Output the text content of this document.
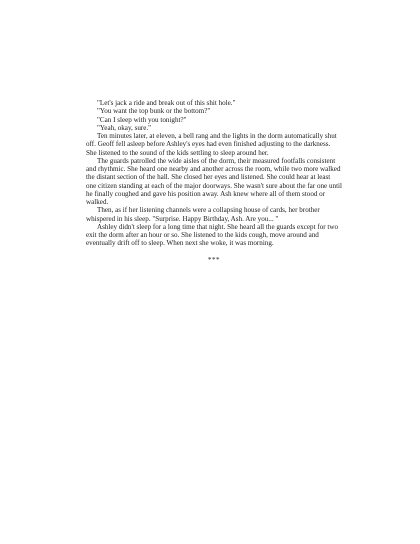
"Let's jack a ride and break out of this shit hole."

"You want the top bunk or the bottom?"

"Can I sleep with you tonight?"

"Yeah, okay, sure."

Ten minutes later, at eleven, a bell rang and the lights in the dorm automatically shut off. Geoff fell asleep before Ashley's eyes had even finished adjusting to the darkness. She listened to the sound of the kids settling to sleep around her.

The guards patrolled the wide aisles of the dorm, their measured footfalls consistent and rhythmic. She heard one nearby and another across the room, while two more walked the distant section of the hall. She closed her eyes and listened. She could hear at least one citizen standing at each of the major doorways. She wasn't sure about the far one until he finally coughed and gave his position away. Ash knew where all of them stood or walked.

Then, as if her listening channels were a collapsing house of cards, her brother whispered in his sleep. "Surprise. Happy Birthday, Ash. Are you... "

Ashley didn't sleep for a long time that night. She heard all the guards except for two exit the dorm after an hour or so. She listened to the kids cough, move around and eventually drift off to sleep. When next she woke, it was morning.

***
